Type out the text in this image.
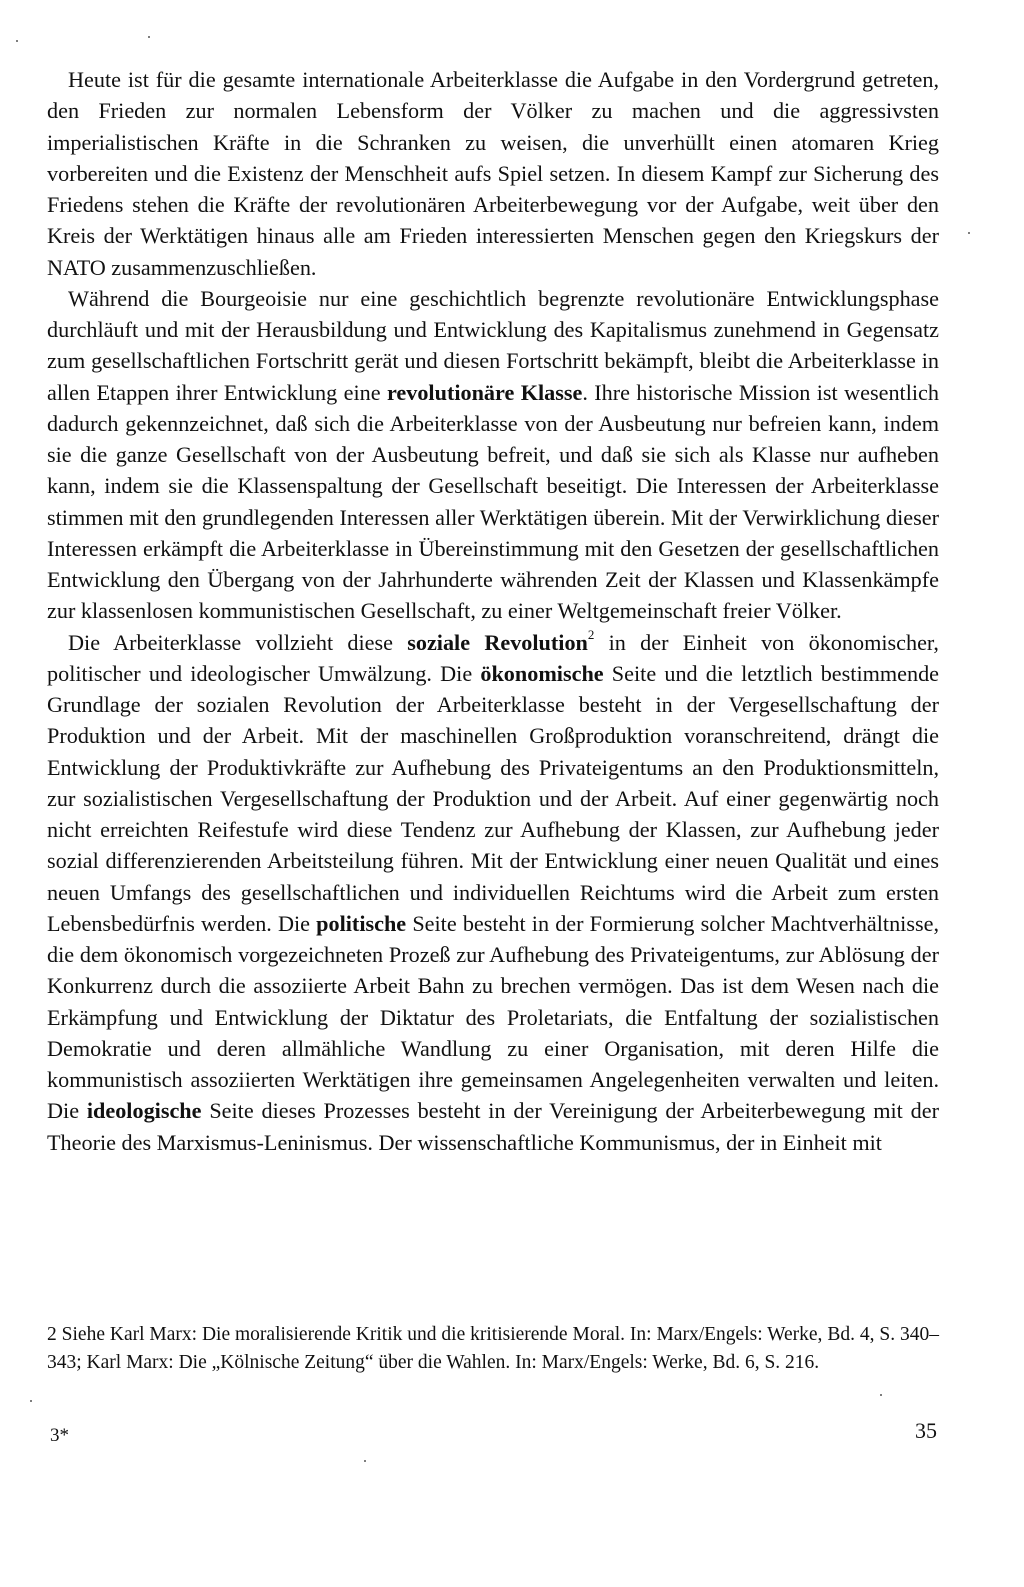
Heute ist für die gesamte internationale Arbeiterklasse die Aufgabe in den Vordergrund getreten, den Frieden zur normalen Lebensform der Völker zu machen und die aggressivsten imperialistischen Kräfte in die Schranken zu weisen, die unverhüllt einen atomaren Krieg vorbereiten und die Existenz der Menschheit aufs Spiel setzen. In diesem Kampf zur Sicherung des Friedens stehen die Kräfte der revolutionären Arbeiterbewegung vor der Aufgabe, weit über den Kreis der Werktätigen hinaus alle am Frieden interessierten Menschen gegen den Kriegskurs der NATO zusammenzuschließen.

Während die Bourgeoisie nur eine geschichtlich begrenzte revolutionäre Entwicklungsphase durchläuft und mit der Herausbildung und Entwicklung des Kapitalismus zunehmend in Gegensatz zum gesellschaftlichen Fortschritt gerät und diesen Fortschritt bekämpft, bleibt die Arbeiterklasse in allen Etappen ihrer Entwicklung eine revolutionäre Klasse. Ihre historische Mission ist wesentlich dadurch gekennzeichnet, daß sich die Arbeiterklasse von der Ausbeutung nur befreien kann, indem sie die ganze Gesellschaft von der Ausbeutung befreit, und daß sie sich als Klasse nur aufheben kann, indem sie die Klassenspaltung der Gesellschaft beseitigt. Die Interessen der Arbeiterklasse stimmen mit den grundlegenden Interessen aller Werktätigen überein. Mit der Verwirklichung dieser Interessen erkämpft die Arbeiterklasse in Übereinstimmung mit den Gesetzen der gesellschaftlichen Entwicklung den Übergang von der Jahrhunderte währenden Zeit der Klassen und Klassenkämpfe zur klassenlosen kommunistischen Gesellschaft, zu einer Weltgemeinschaft freier Völker.

Die Arbeiterklasse vollzieht diese soziale Revolution$^2$ in der Einheit von ökonomischer, politischer und ideologischer Umwälzung. Die ökonomische Seite und die letztlich bestimmende Grundlage der sozialen Revolution der Arbeiterklasse besteht in der Vergesellschaftung der Produktion und der Arbeit. Mit der maschinellen Großproduktion voranschreitend, drängt die Entwicklung der Produktivkräfte zur Aufhebung des Privateigentums an den Produktionsmitteln, zur sozialistischen Vergesellschaftung der Produktion und der Arbeit. Auf einer gegenwärtig noch nicht erreichten Reifestufe wird diese Tendenz zur Aufhebung der Klassen, zur Aufhebung jeder sozial differenzierenden Arbeitsteilung führen. Mit der Entwicklung einer neuen Qualität und eines neuen Umfangs des gesellschaftlichen und individuellen Reichtums wird die Arbeit zum ersten Lebensbedürfnis werden. Die politische Seite besteht in der Formierung solcher Machtverhältnisse, die dem ökonomisch vorgezeichneten Prozeß zur Aufhebung des Privateigentums, zur Ablösung der Konkurrenz durch die assoziierte Arbeit Bahn zu brechen vermögen. Das ist dem Wesen nach die Erkämpfung und Entwicklung der Diktatur des Proletariats, die Entfaltung der sozialistischen Demokratie und deren allmähliche Wandlung zu einer Organisation, mit deren Hilfe die kommunistisch assoziierten Werktätigen ihre gemeinsamen Angelegenheiten verwalten und leiten. Die ideologische Seite dieses Prozesses besteht in der Vereinigung der Arbeiterbewegung mit der Theorie des Marxismus-Leninismus. Der wissenschaftliche Kommunismus, der in Einheit mit

2 Siehe Karl Marx: Die moralisierende Kritik und die kritisierende Moral. In: Marx/Engels: Werke, Bd. 4, S. 340–343; Karl Marx: Die „Kölnische Zeitung“ über die Wahlen. In: Marx/Engels: Werke, Bd. 6, S. 216.

3*	35
